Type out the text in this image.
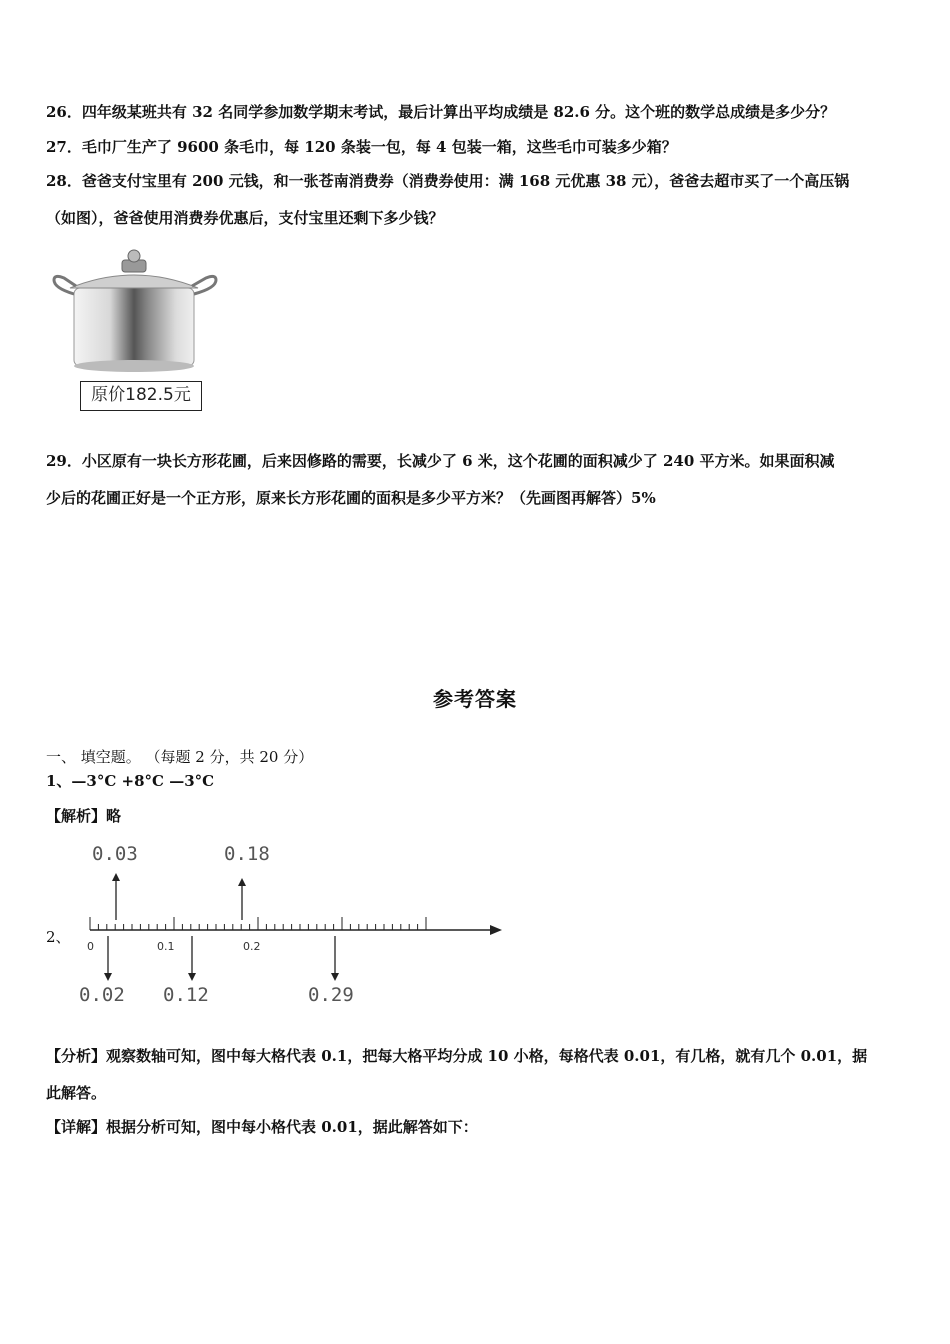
26．四年级某班共有 32 名同学参加数学期末考试，最后计算出平均成绩是 82.6 分。这个班的数学总成绩是多少分？
27．毛巾厂生产了 9600 条毛巾，每 120 条装一包，每 4 包装一箱，这些毛巾可装多少箱？
28．爸爸支付宝里有 200 元钱，和一张苍南消费券（消费券使用：满 168 元优惠 38 元），爸爸去超市买了一个高压锅
（如图），爸爸使用消费券优惠后，支付宝里还剩下多少钱？
原价182.5元
29．小区原有一块长方形花圃，后来因修路的需要，长减少了 6 米，这个花圃的面积减少了 240 平方米。如果面积减
少后的花圃正好是一个正方形，原来长方形花圃的面积是多少平方米？（先画图再解答）5%
参考答案
一、 填空题。 （每题 2 分，共 20 分）
1、—3°C +8°C —3°C
【解析】略
2、
0	0.1	0.2
0.03	0.18
0.02 0.12	0.29
【分析】观察数轴可知，图中每大格代表 0.1，把每大格平均分成 10 小格，每格代表 0.01，有几格，就有几个 0.01，据
此解答。
【详解】根据分析可知，图中每小格代表 0.01，据此解答如下：
